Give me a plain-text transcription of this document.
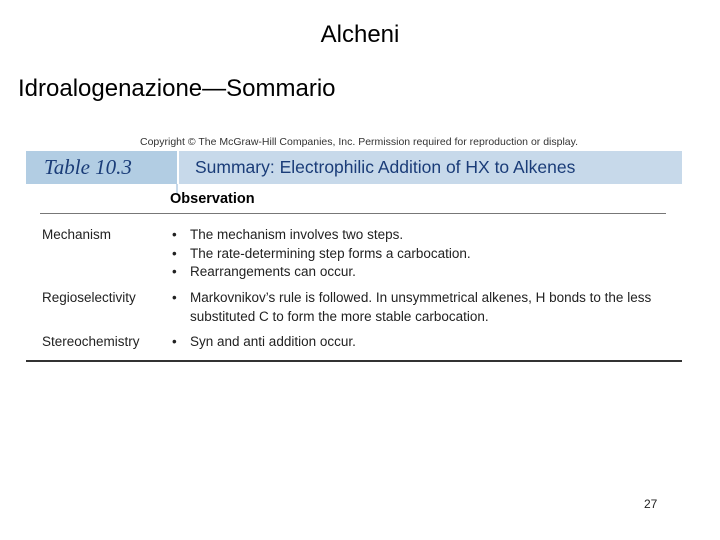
Alcheni
Idroalogenazione—Sommario
Copyright © The McGraw-Hill Companies, Inc. Permission required for reproduction or display.
Table 10.3	Summary: Electrophilic Addition of HX to Alkenes
Observation
Mechanism	• The mechanism involves two steps.
• The rate-determining step forms a carbocation.
• Rearrangements can occur.
Regioselectivity	• Markovnikov’s rule is followed. In unsymmetrical alkenes, H bonds to the less substituted C to form the more stable carbocation.
Stereochemistry	• Syn and anti addition occur.
27
